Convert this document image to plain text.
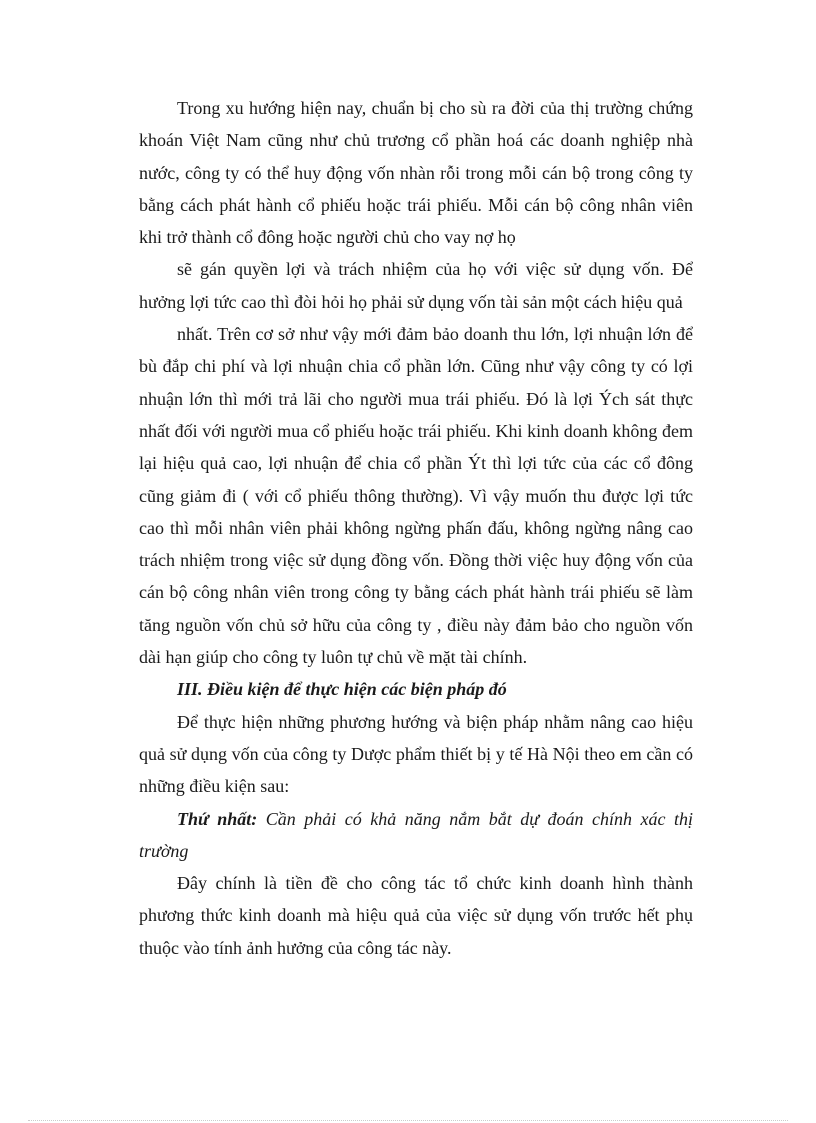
Trong xu hướng hiện nay, chuẩn bị cho sù ra đời của thị trường chứng khoán Việt Nam cũng như chủ trương cổ phần hoá các doanh nghiệp nhà nước, công ty có thể huy động vốn nhàn rỗi trong mỗi cán bộ trong công ty bằng cách phát hành cổ phiếu hoặc trái phiếu. Mỗi cán bộ công nhân viên khi trở thành cổ đông hoặc người chủ cho vay nợ họ

sẽ gán quyền lợi và trách nhiệm của họ với việc sử dụng vốn. Để hưởng lợi tức cao thì đòi hỏi họ phải sử dụng vốn tài sản một cách hiệu quả

nhất. Trên cơ sở như vậy mới đảm bảo doanh thu lớn, lợi nhuận lớn để bù đắp chi phí và lợi nhuận chia cổ phần lớn. Cũng như vậy công ty có lợi nhuận lớn thì mới trả lãi cho người mua trái phiếu. Đó là lợi Ých sát thực nhất đối với người mua cổ phiếu hoặc trái phiếu. Khi kinh doanh không đem lại hiệu quả cao, lợi nhuận để chia cổ phần Ýt thì lợi tức của các cổ đông cũng giảm đi ( với cổ phiếu thông thường). Vì vậy muốn thu được lợi tức cao thì mỗi nhân viên phải không ngừng phấn đấu, không ngừng nâng cao trách nhiệm trong việc sử dụng đồng vốn. Đồng thời việc huy động vốn của cán bộ công nhân viên trong công ty bằng cách phát hành trái phiếu sẽ làm tăng nguồn vốn chủ sở hữu của công ty , điều này đảm bảo cho nguồn vốn dài hạn giúp cho công ty luôn tự chủ về mặt tài chính.

III. Điều kiện để thực hiện các biện pháp đó

Để thực hiện những phương hướng và biện pháp nhằm nâng cao hiệu quả sử dụng vốn của công ty Dược phẩm thiết bị y tế Hà Nội theo em cần có những điều kiện sau:

Thứ nhất: Cần phải có khả năng nắm bắt dự đoán chính xác thị trường

Đây chính là tiền đề cho công tác tổ chức kinh doanh hình thành phương thức kinh doanh mà hiệu quả của việc sử dụng vốn trước hết phụ thuộc vào tính ảnh hưởng của công tác này.
